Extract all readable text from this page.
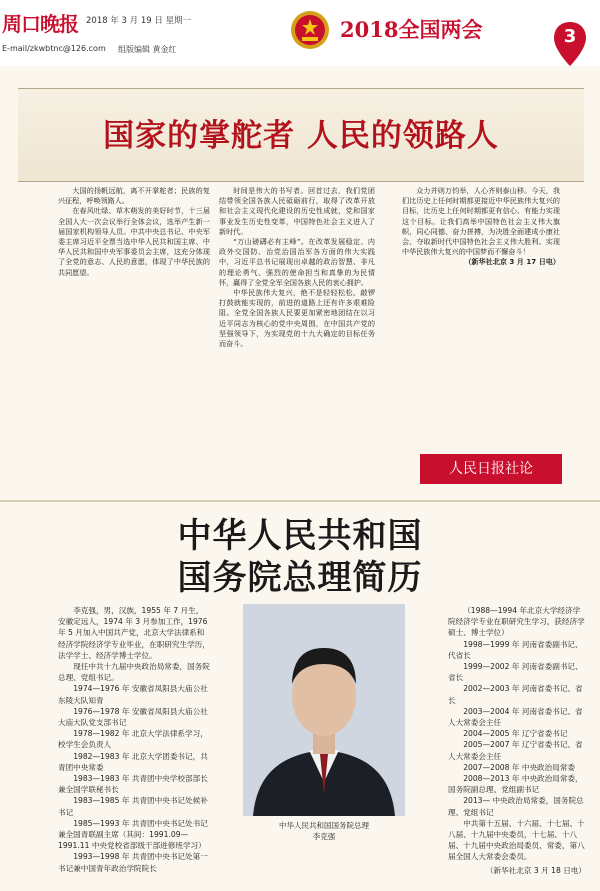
周口晚报 2018 年 3 月 19 日 星期一
E-mail/zkwbtnc@126.com 组版编辑 黄金红
2018全国两会	3
国家的掌舵者 人民的领路人

大国的扬帆远航，离不开掌舵者；民族的复兴征程，呼唤领路人。

在春风吐绿、草木萌发的美好时节，十三届全国人大一次会议举行全体会议，选举产生新一届国家机构领导人员。中共中央总书记、中央军委主席习近平全票当选中华人民共和国主席、中华人民共和国中央军事委员会主席，这充分体现了全党的意志、人民的意愿，体现了中华民族的共同愿望。

时间是伟大的书写者。回首过去，我们党团结带领全国各族人民砥砺前行，取得了改革开放和社会主义现代化建设的历史性成就，党和国家事业发生历史性变革，中国特色社会主义进入了新时代。

“万山磅礴必有主峰”。在改革发展稳定、内政外交国防、治党治国治军各方面的伟大实践中，习近平总书记展现出卓越的政治智慧、非凡的理论勇气、强烈的使命担当和真挚的为民情怀，赢得了全党全军全国各族人民的衷心拥护。

中华民族伟大复兴，绝不是轻轻松松、敲锣打鼓就能实现的，前进的道路上还有许多艰难险阻。全党全国各族人民要更加紧密地团结在以习近平同志为核心的党中央周围，在中国共产党的坚强领导下，为实现党的十九大确定的目标任务而奋斗。

众力并则万钧举，人心齐则泰山移。今天，我们比历史上任何时期都更接近中华民族伟大复兴的目标，比历史上任何时期都更有信心、有能力实现这个目标。让我们高举中国特色社会主义伟大旗帜，同心同德、奋力拼搏，为决胜全面建成小康社会、夺取新时代中国特色社会主义伟大胜利、实现中华民族伟大复兴的中国梦而不懈奋斗！

（新华社北京 3 月 17 日电）

人民日报社论
中华人民共和国
国务院总理简历

李克强，男，汉族，1955 年 7 月生，安徽定远人，1974 年 3 月参加工作，1976 年 5 月加入中国共产党，北京大学法律系和经济学院经济学专业毕业，在职研究生学历，法学学士、经济学博士学位。

现任中共十九届中央政治局常委，国务院总理、党组书记。

1974—1976 年 安徽省凤阳县大庙公社东陵大队知青

1976—1978 年 安徽省凤阳县大庙公社大庙大队党支部书记

1978—1982 年 北京大学法律系学习，校学生会负责人

1982—1983 年 北京大学团委书记，共青团中央常委

1983—1983 年 共青团中央学校部部长兼全国学联秘书长

1983—1985 年 共青团中央书记处候补书记

1985—1993 年 共青团中央书记处书记兼全国青联副主席（其间：1991.09—1991.11 中央党校省部级干部进修班学习）

1993—1998 年 共青团中央书记处第一书记兼中国青年政治学院院长

中华人民共和国国务院总理
李克强

（1988—1994 年北京大学经济学院经济学专业在职研究生学习，获经济学硕士、博士学位）

1998—1999 年 河南省委副书记、代省长

1999—2002 年 河南省委副书记、省长

2002—2003 年 河南省委书记、省长

2003—2004 年 河南省委书记、省人大常委会主任

2004—2005 年 辽宁省委书记

2005—2007 年 辽宁省委书记、省人大常委会主任

2007—2008 年 中央政治局常委

2008—2013 年 中央政治局常委，国务院副总理、党组副书记

2013— 中央政治局常委，国务院总理、党组书记

中共第十五届、十六届、十七届、十八届、十九届中央委员，十七届、十八届、十九届中央政治局委员、常委，第八届全国人大常委会委员。

（新华社北京 3 月 18 日电）
